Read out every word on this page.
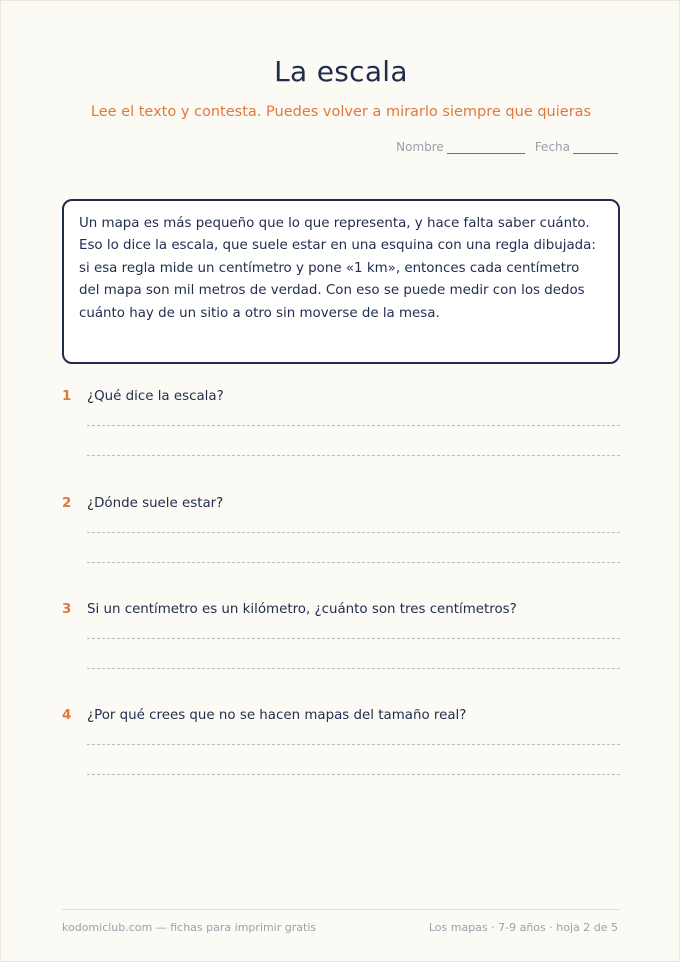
La escala
Lee el texto y contesta. Puedes volver a mirarlo siempre que quieras
Nombre	Fecha

Un mapa es más pequeño que lo que representa, y hace falta saber cuánto. Eso lo dice la escala, que suele estar en una esquina con una regla dibujada: si esa regla mide un centímetro y pone «1 km», entonces cada centímetro del mapa son mil metros de verdad. Con eso se puede medir con los dedos cuánto hay de un sitio a otro sin moverse de la mesa.

1	¿Qué dice la escala?
2	¿Dónde suele estar?
3	Si un centímetro es un kilómetro, ¿cuánto son tres centímetros?
4	¿Por qué crees que no se hacen mapas del tamaño real?
kodomiclub.com — fichas para imprimir gratis	Los mapas · 7-9 años · hoja 2 de 5
